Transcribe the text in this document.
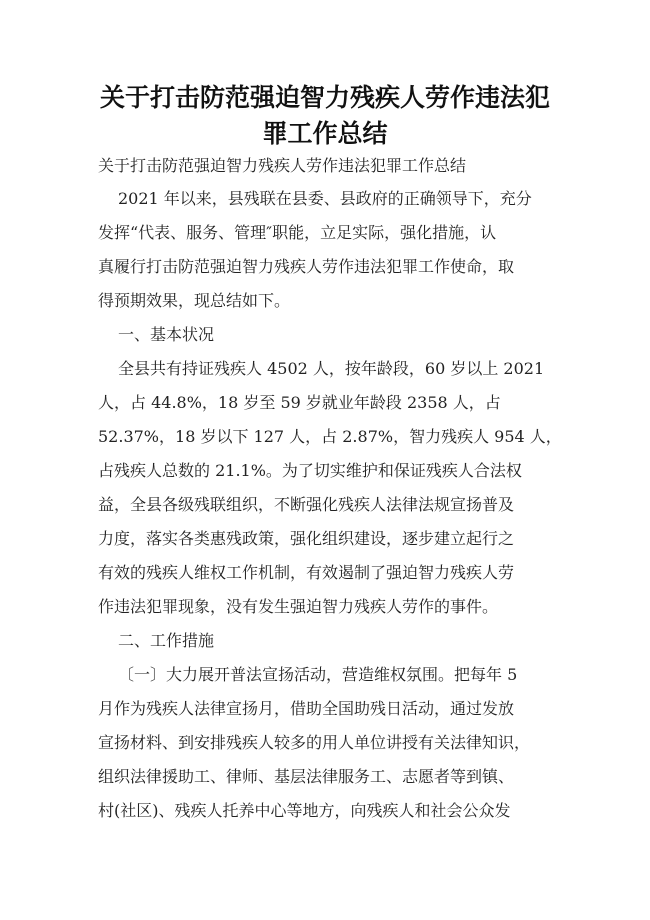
关于打击防范强迫智力残疾人劳作违法犯
罪工作总结
关于打击防范强迫智力残疾人劳作违法犯罪工作总结
2021 年以来，县残联在县委、县政府的正确领导下，充分
发挥“代表、服务、管理″职能，立足实际，强化措施，认
真履行打击防范强迫智力残疾人劳作违法犯罪工作使命，取
得预期效果，现总结如下。
一、基本状况
全县共有持证残疾人 4502 人，按年龄段，60 岁以上 2021
人，占 44.8%，18 岁至 59 岁就业年龄段 2358 人，占
52.37%，18 岁以下 127 人，占 2.87%，智力残疾人 954 人，
占残疾人总数的 21.1%。为了切实维护和保证残疾人合法权
益，全县各级残联组织，不断强化残疾人法律法规宣扬普及
力度，落实各类惠残政策，强化组织建设，逐步建立起行之
有效的残疾人维权工作机制，有效遏制了强迫智力残疾人劳
作违法犯罪现象，没有发生强迫智力残疾人劳作的事件。
二、工作措施
〔一〕大力展开普法宣扬活动，营造维权氛围。把每年 5
月作为残疾人法律宣扬月，借助全国助残日活动，通过发放
宣扬材料、到安排残疾人较多的用人单位讲授有关法律知识，
组织法律援助工、律师、基层法律服务工、志愿者等到镇、
村(社区)、残疾人托养中心等地方，向残疾人和社会公众发
